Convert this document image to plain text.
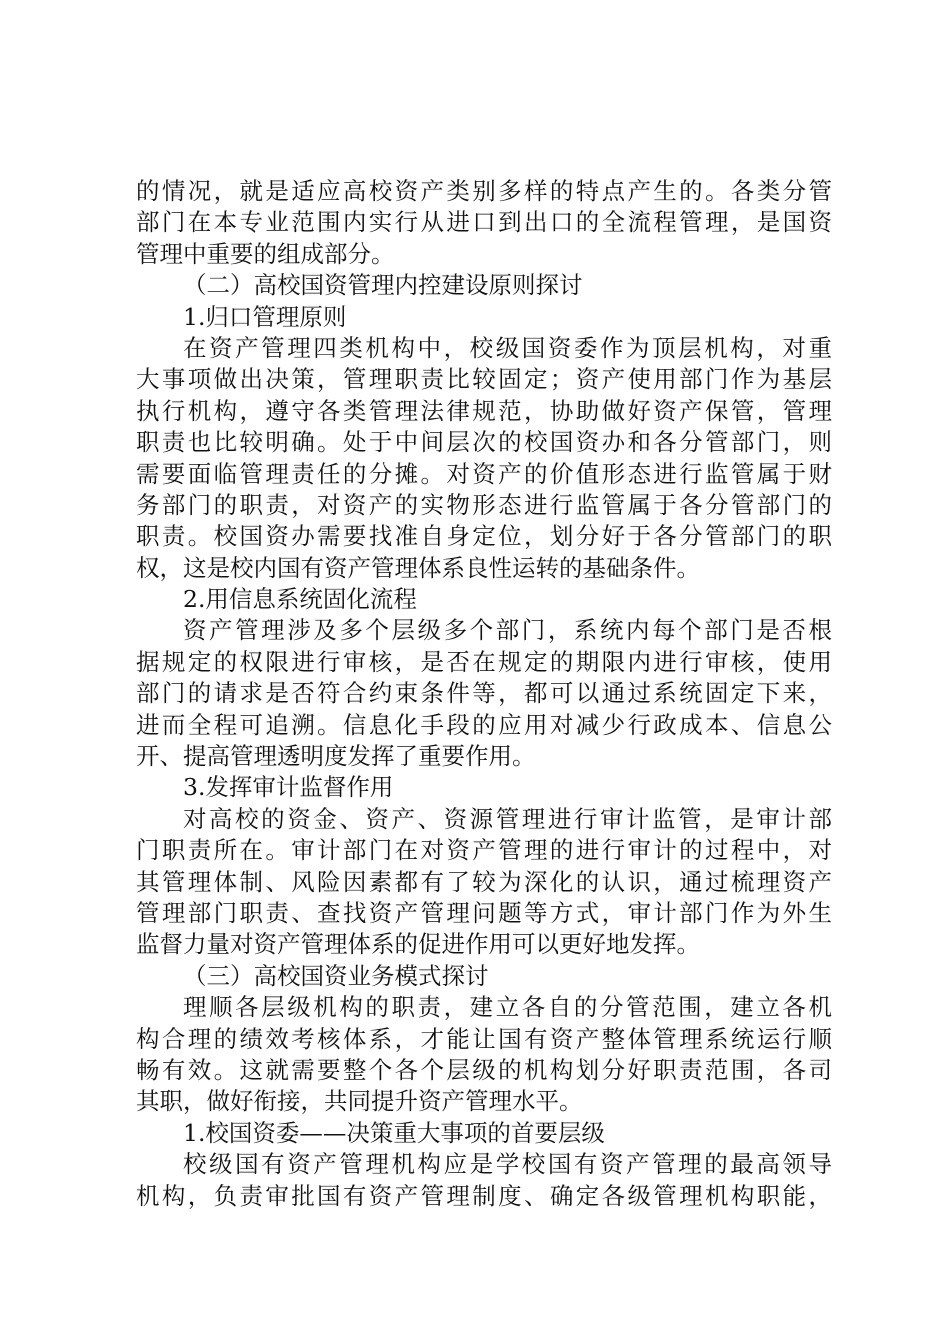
的情况，就是适应高校资产类别多样的特点产生的。各类分管
部门在本专业范围内实行从进口到出口的全流程管理，是国资
管理中重要的组成部分。
（二）高校国资管理内控建设原则探讨
1.归口管理原则
在资产管理四类机构中，校级国资委作为顶层机构，对重
大事项做出决策，管理职责比较固定；资产使用部门作为基层
执行机构，遵守各类管理法律规范，协助做好资产保管，管理
职责也比较明确。处于中间层次的校国资办和各分管部门，则
需要面临管理责任的分摊。对资产的价值形态进行监管属于财
务部门的职责，对资产的实物形态进行监管属于各分管部门的
职责。校国资办需要找准自身定位，划分好于各分管部门的职
权，这是校内国有资产管理体系良性运转的基础条件。
2.用信息系统固化流程
资产管理涉及多个层级多个部门，系统内每个部门是否根
据规定的权限进行审核，是否在规定的期限内进行审核，使用
部门的请求是否符合约束条件等，都可以通过系统固定下来，
进而全程可追溯。信息化手段的应用对减少行政成本、信息公
开、提高管理透明度发挥了重要作用。
3.发挥审计监督作用
对高校的资金、资产、资源管理进行审计监管，是审计部
门职责所在。审计部门在对资产管理的进行审计的过程中，对
其管理体制、风险因素都有了较为深化的认识，通过梳理资产
管理部门职责、查找资产管理问题等方式，审计部门作为外生
监督力量对资产管理体系的促进作用可以更好地发挥。
（三）高校国资业务模式探讨
理顺各层级机构的职责，建立各自的分管范围，建立各机
构合理的绩效考核体系，才能让国有资产整体管理系统运行顺
畅有效。这就需要整个各个层级的机构划分好职责范围，各司
其职，做好衔接，共同提升资产管理水平。
1.校国资委——决策重大事项的首要层级
校级国有资产管理机构应是学校国有资产管理的最高领导
机构，负责审批国有资产管理制度、确定各级管理机构职能，
